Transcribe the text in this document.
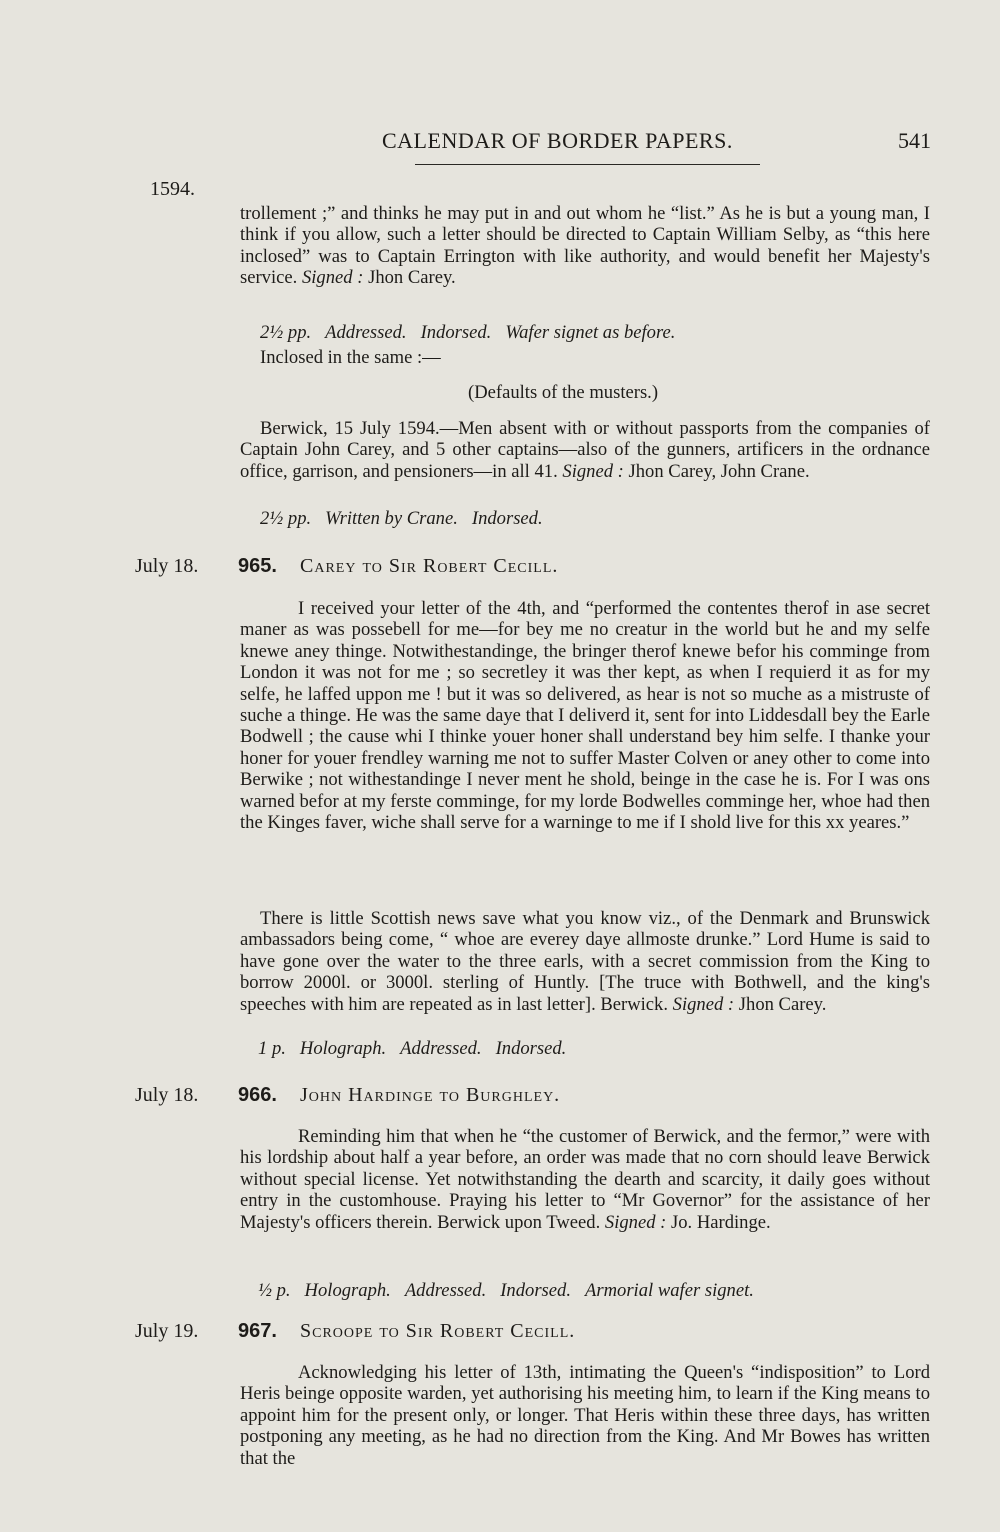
CALENDAR OF BORDER PAPERS.	541
1594.

trollement ;” and thinks he may put in and out whom he “list.” As he is but a young man, I think if you allow, such a letter should be directed to Captain William Selby, as “this here inclosed” was to Captain Errington with like authority, and would benefit her Majesty's service. Signed : Jhon Carey.

2½ pp. Addressed. Indorsed. Wafer signet as before.
Inclosed in the same :—
(Defaults of the musters.)

Berwick, 15 July 1594.—Men absent with or without passports from the companies of Captain John Carey, and 5 other captains—also of the gunners, artificers in the ordnance office, garrison, and pensioners—in all 41. Signed : Jhon Carey, John Crane.

2½ pp. Written by Crane. Indorsed.
July 18. 965. Carey to Sir Robert Cecill.

I received your letter of the 4th, and “performed the contentes therof in ase secret maner as was possebell for me—for bey me no creatur in the world but he and my selfe knewe aney thinge. Notwithestandinge, the bringer therof knewe befor his comminge from London it was not for me ; so secretley it was ther kept, as when I requierd it as for my selfe, he laffed uppon me ! but it was so delivered, as hear is not so muche as a mistruste of suche a thinge. He was the same daye that I deliverd it, sent for into Liddesdall bey the Earle Bodwell ; the cause whi I thinke youer honer shall understand bey him selfe. I thanke your honer for youer frendley warning me not to suffer Master Colven or aney other to come into Berwike ; not withestandinge I never ment he shold, beinge in the case he is. For I was ons warned befor at my ferste comminge, for my lorde Bodwelles comminge her, whoe had then the Kinges faver, wiche shall serve for a warninge to me if I shold live for this xx yeares.”

There is little Scottish news save what you know viz., of the Denmark and Brunswick ambassadors being come, “ whoe are everey daye allmoste drunke.” Lord Hume is said to have gone over the water to the three earls, with a secret commission from the King to borrow 2000l. or 3000l. sterling of Huntly. [The truce with Bothwell, and the king's speeches with him are repeated as in last letter]. Berwick. Signed : Jhon Carey.

1 p. Holograph. Addressed. Indorsed.
July 18. 966. John Hardinge to Burghley.

Reminding him that when he “the customer of Berwick, and the fermor,” were with his lordship about half a year before, an order was made that no corn should leave Berwick without special license. Yet notwithstanding the dearth and scarcity, it daily goes without entry in the customhouse. Praying his letter to “Mr Governor” for the assistance of her Majesty's officers therein. Berwick upon Tweed. Signed : Jo. Hardinge.

½ p. Holograph. Addressed. Indorsed. Armorial wafer signet.
July 19. 967. Scroope to Sir Robert Cecill.

Acknowledging his letter of 13th, intimating the Queen's “indisposition” to Lord Heris beinge opposite warden, yet authorising his meeting him, to learn if the King means to appoint him for the present only, or longer. That Heris within these three days, has written postponing any meeting, as he had no direction from the King. And Mr Bowes has written that the
